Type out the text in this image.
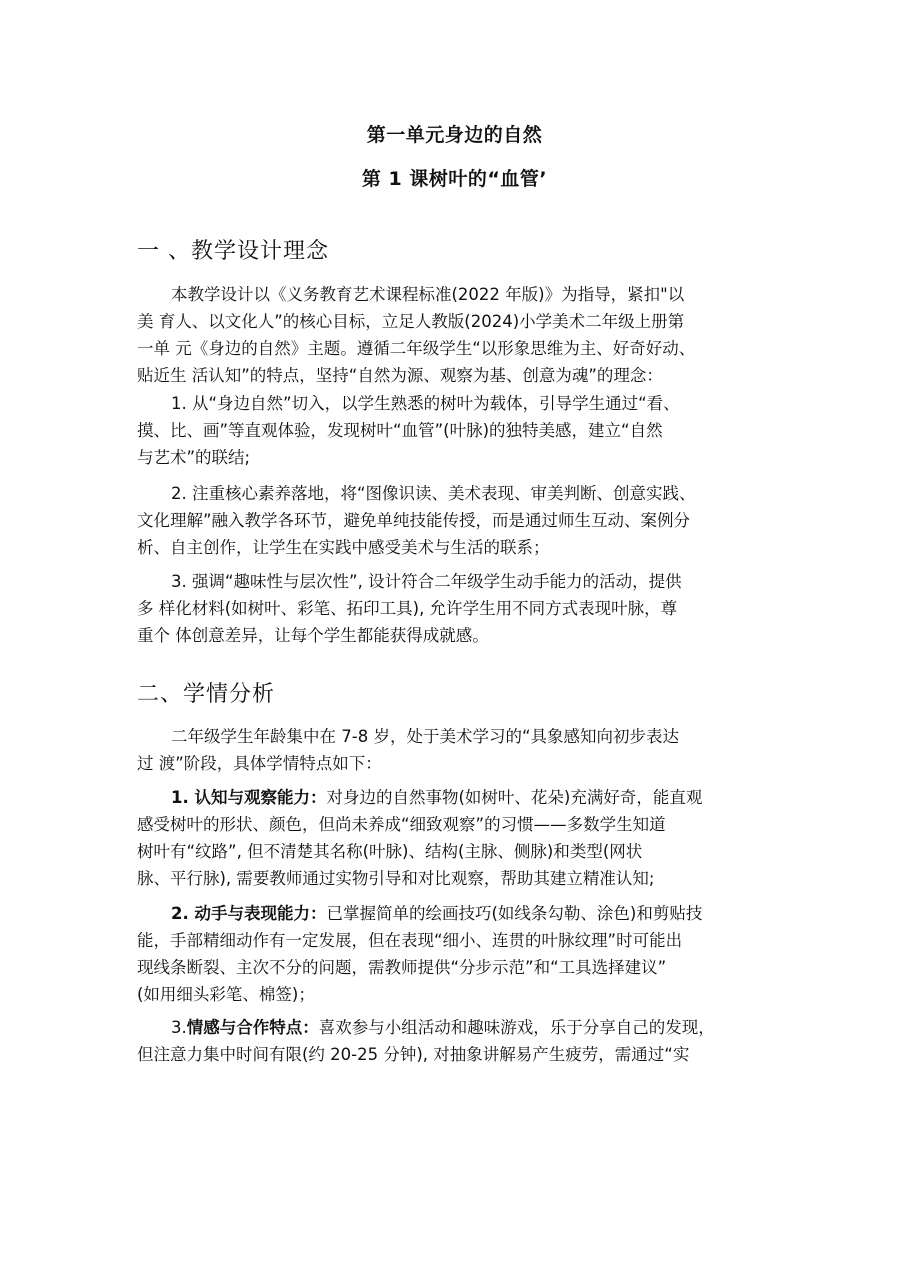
第一单元身边的自然
第 1 课树叶的“血管’
一 、教学设计理念
本教学设计以《义务教育艺术课程标准(2022 年版)》为指导，紧扣"以
美 育人、以文化人”的核心目标，立足人教版(2024)小学美术二年级上册第
一单 元《身边的自然》主题。遵循二年级学生“以形象思维为主、好奇好动、
贴近生 活认知”的特点，坚持“自然为源、观察为基、创意为魂”的理念：
1. 从“身边自然”切入，以学生熟悉的树叶为载体，引导学生通过“看、
摸、比、画”等直观体验，发现树叶“血管”(叶脉)的独特美感，建立“自然
与艺术”的联结;
2. 注重核心素养落地，将“图像识读、美术表现、审美判断、创意实践、
文化理解”融入教学各环节，避免单纯技能传授，而是通过师生互动、案例分
析、自主创作，让学生在实践中感受美术与生活的联系；
3. 强调“趣味性与层次性”, 设计符合二年级学生动手能力的活动，提供
多 样化材料(如树叶、彩笔、拓印工具), 允许学生用不同方式表现叶脉，尊
重个 体创意差异，让每个学生都能获得成就感。
二、学情分析
二年级学生年龄集中在 7-8 岁，处于美术学习的“具象感知向初步表达
过 渡”阶段，具体学情特点如下：
1. 认知与观察能力：对身边的自然事物(如树叶、花朵)充满好奇，能直观
感受树叶的形状、颜色，但尚未养成“细致观察”的习惯——多数学生知道
树叶有“纹路”, 但不清楚其名称(叶脉)、结构(主脉、侧脉)和类型(网状
脉、平行脉), 需要教师通过实物引导和对比观察，帮助其建立精准认知;
2. 动手与表现能力：已掌握简单的绘画技巧(如线条勾勒、涂色)和剪贴技
能，手部精细动作有一定发展，但在表现“细小、连贯的叶脉纹理”时可能出
现线条断裂、主次不分的问题，需教师提供“分步示范”和“工具选择建议”
(如用细头彩笔、棉签)；
3.情感与合作特点：喜欢参与小组活动和趣味游戏，乐于分享自己的发现，
但注意力集中时间有限(约 20-25 分钟), 对抽象讲解易产生疲劳，需通过“实
